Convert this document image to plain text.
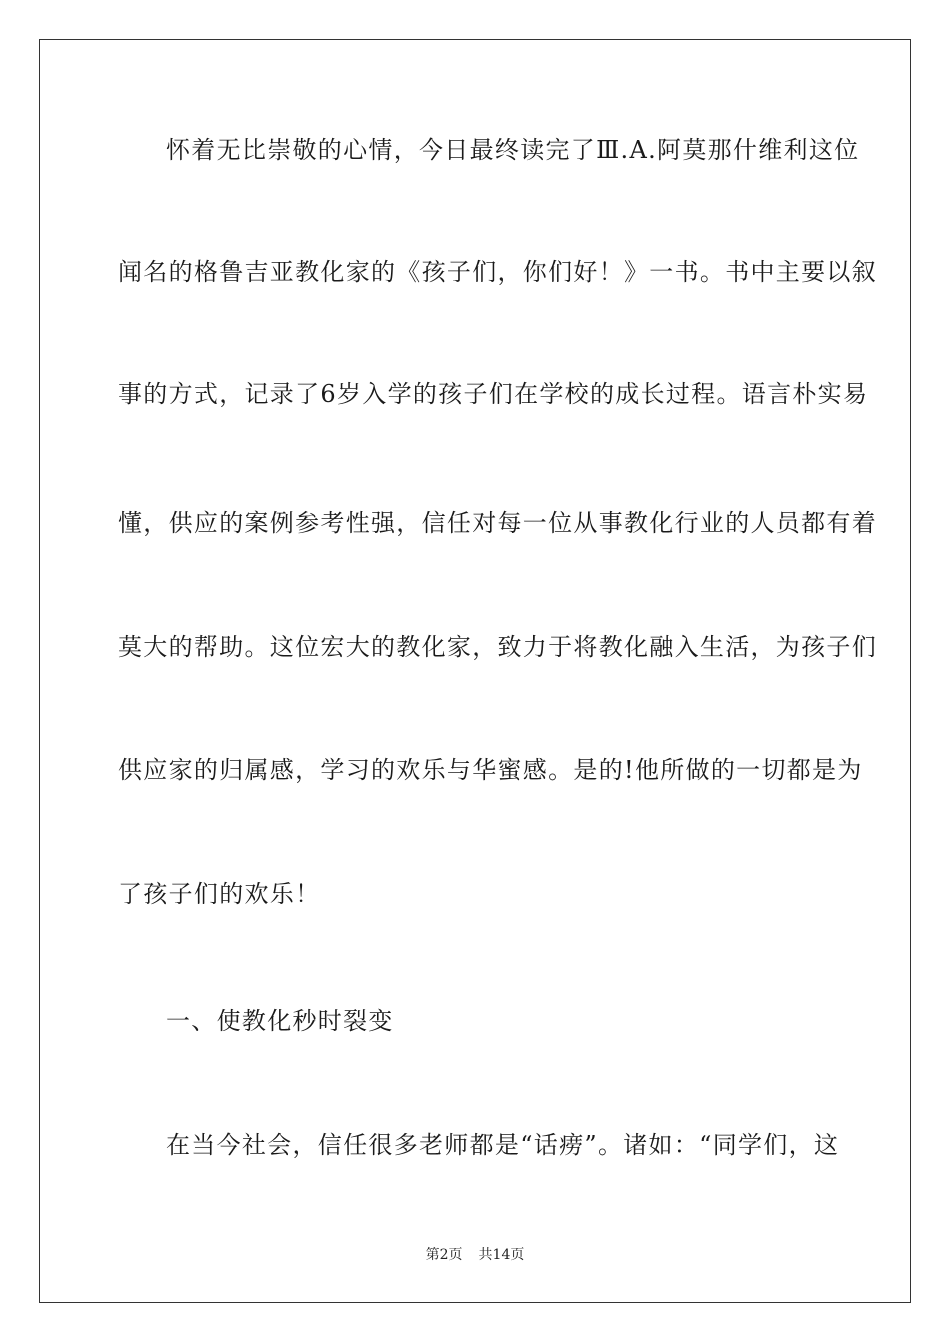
怀着无比崇敬的心情，今日最终读完了Ⅲ.A.阿莫那什维利这位
闻名的格鲁吉亚教化家的《孩子们，你们好！》一书。书中主要以叙
事的方式，记录了6岁入学的孩子们在学校的成长过程。语言朴实易
懂，供应的案例参考性强，信任对每一位从事教化行业的人员都有着
莫大的帮助。这位宏大的教化家，致力于将教化融入生活，为孩子们
供应家的归属感，学习的欢乐与华蜜感。是的!他所做的一切都是为
了孩子们的欢乐！
一、使教化秒时裂变
在当今社会，信任很多老师都是“话痨”。诸如：“同学们，这
第2页 共14页
